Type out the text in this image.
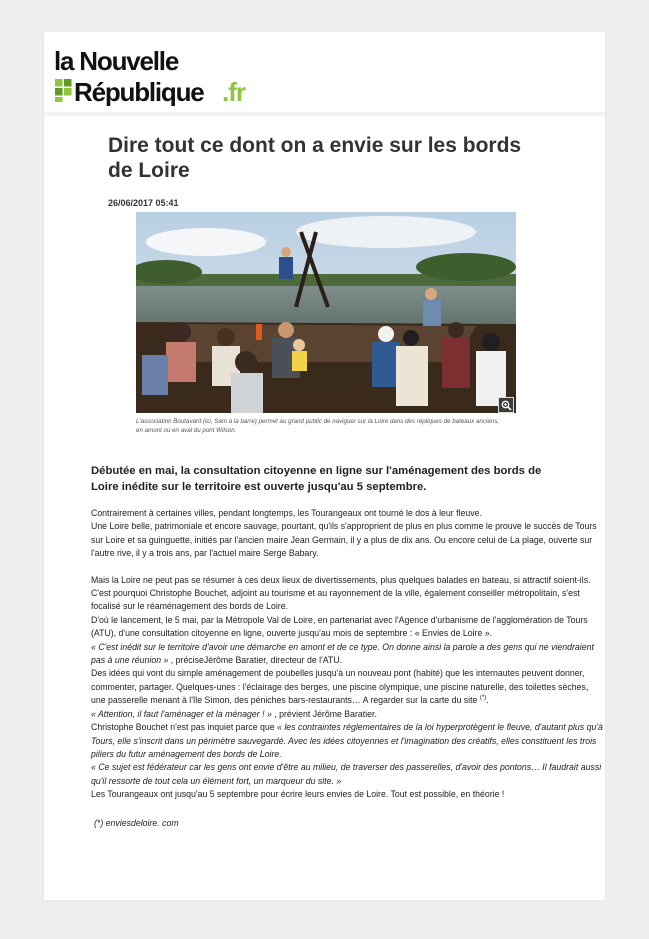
la Nouvelle
République .fr
Dire tout ce dont on a envie sur les bords de Loire
26/06/2017 05:41
L'association Boutavant (ici, Sam à la barre) permet au grand public de naviguer sur la Loire dans des répliques de bateaux anciens, en amont ou en aval du pont Wilson.
Débutée en mai, la consultation citoyenne en ligne sur l'aménagement des bords de Loire inédite sur le territoire est ouverte jusqu'au 5 septembre.

Contrairement à certaines villes, pendant longtemps, les Tourangeaux ont tourné le dos à leur fleuve.

Une Loire belle, patrimoniale et encore sauvage, pourtant, qu'ils s'approprient de plus en plus comme le prouve le succès de Tours sur Loire et sa guinguette, initiés par l'ancien maire Jean Germain, il y a plus de dix ans. Ou encore celui de La plage, ouverte sur l'autre rive, il y a trois ans, par l'actuel maire Serge Babary.

Mais la Loire ne peut pas se résumer à ces deux lieux de divertissements, plus quelques balades en bateau, si attractif soient-ils. C'est pourquoi Christophe Bouchet, adjoint au tourisme et au rayonnement de la ville, également conseiller métropolitain, s'est focalisé sur le réaménagement des bords de Loire.

D'où le lancement, le 5 mai, par la Métropole Val de Loire, en partenariat avec l'Agence d'urbanisme de l'agglomération de Tours (ATU), d'une consultation citoyenne en ligne, ouverte jusqu'au mois de septembre : « Envies de Loire ».

« C'est inédit sur le territoire d'avoir une démarche en amont et de ce type. On donne ainsi la parole a des gens qui ne viendraient pas à une réunion » , préciseJérôme Baratier, directeur de l'ATU.

Des idées qui vont du simple aménagement de poubelles jusqu'à un nouveau pont (habité) que les internautes peuvent donner, commenter, partager. Quelques-unes : l'éclairage des berges, une piscine olympique, une piscine naturelle, des toilettes sèches, une passerelle menant à l'île Simon, des péniches bars-restaurants… A regarder sur la carte du site (*).

« Attention, il faut l'aménager et la ménager ! » , prévient Jérôme Baratier.

Christophe Bouchet n'est pas inquiet parce que « les contraintes réglementaires de la loi hyperprotègent le fleuve, d'autant plus qu'à Tours, elle s'inscrit dans un périmètre sauvegardé. Avec les idées citoyennes et l'imagination des créatifs, elles constituent les trois piliers du futur aménagement des bords de Loire.

« Ce sujet est fédérateur car les gens ont envie d'être au milieu, de traverser des passerelles, d'avoir des pontons… Il faudrait aussi qu'il ressorte de tout cela un élément fort, un marqueur du site. »

Les Tourangeaux ont jusqu'au 5 septembre pour écrire leurs envies de Loire. Tout est possible, en théorie !

(*) enviesdeloire. com
